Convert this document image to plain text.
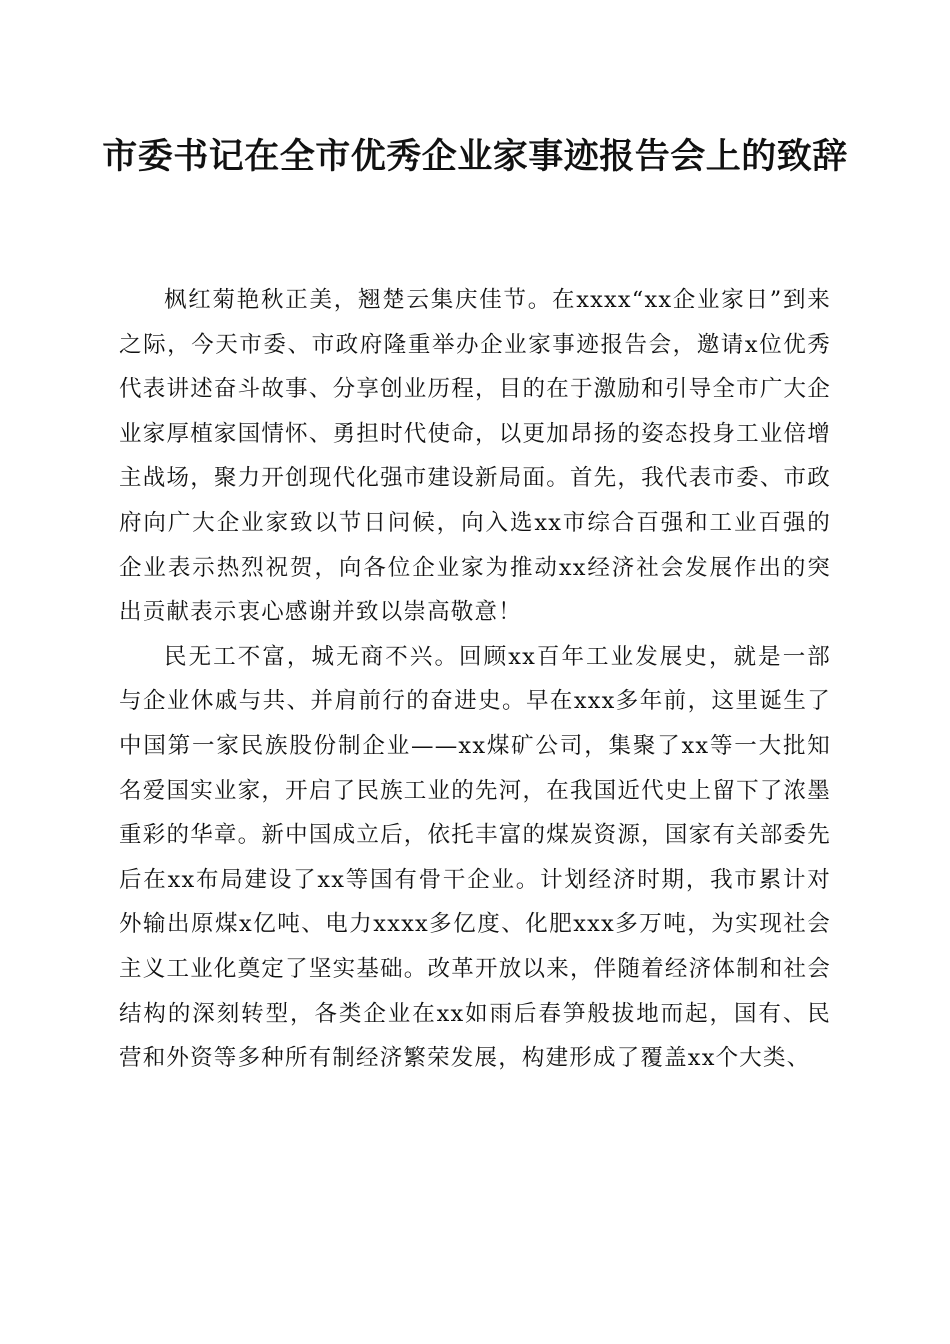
市委书记在全市优秀企业家事迹报告会上的致辞

枫红菊艳秋正美，翘楚云集庆佳节。在xxxx“xx企业家日”到来之际，今天市委、市政府隆重举办企业家事迹报告会，邀请x位优秀代表讲述奋斗故事、分享创业历程，目的在于激励和引导全市广大企业家厚植家国情怀、勇担时代使命，以更加昂扬的姿态投身工业倍增主战场，聚力开创现代化强市建设新局面。首先，我代表市委、市政府向广大企业家致以节日问候，向入选xx市综合百强和工业百强的企业表示热烈祝贺，向各位企业家为推动xx经济社会发展作出的突出贡献表示衷心感谢并致以崇高敬意！

民无工不富，城无商不兴。回顾xx百年工业发展史，就是一部与企业休戚与共、并肩前行的奋进史。早在xxx多年前，这里诞生了中国第一家民族股份制企业——xx煤矿公司，集聚了xx等一大批知名爱国实业家，开启了民族工业的先河，在我国近代史上留下了浓墨重彩的华章。新中国成立后，依托丰富的煤炭资源，国家有关部委先后在xx布局建设了xx等国有骨干企业。计划经济时期，我市累计对外输出原煤x亿吨、电力xxxx多亿度、化肥xxx多万吨，为实现社会主义工业化奠定了坚实基础。改革开放以来，伴随着经济体制和社会结构的深刻转型，各类企业在xx如雨后春笋般拔地而起，国有、民营和外资等多种所有制经济繁荣发展，构建形成了覆盖xx个大类、
